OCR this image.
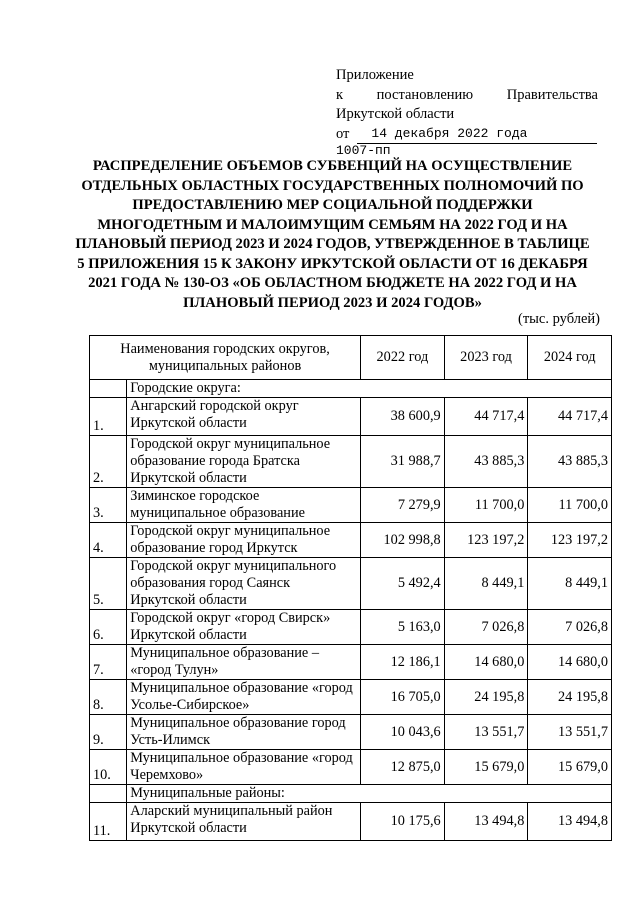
Приложение
к постановлению Правительства
Иркутской области
от	14 декабря 2022 года
1007-пп
РАСПРЕДЕЛЕНИЕ ОБЪЕМОВ СУБВЕНЦИЙ НА ОСУЩЕСТВЛЕНИЕ ОТДЕЛЬНЫХ ОБЛАСТНЫХ ГОСУДАРСТВЕННЫХ ПОЛНОМОЧИЙ ПО ПРЕДОСТАВЛЕНИЮ МЕР СОЦИАЛЬНОЙ ПОДДЕРЖКИ МНОГОДЕТНЫМ И МАЛОИМУЩИМ СЕМЬЯМ НА 2022 ГОД И НА ПЛАНОВЫЙ ПЕРИОД 2023 И 2024 ГОДОВ, УТВЕРЖДЕННОЕ В ТАБЛИЦЕ 5 ПРИЛОЖЕНИЯ 15 К ЗАКОНУ ИРКУТСКОЙ ОБЛАСТИ ОТ 16 ДЕКАБРЯ 2021 ГОДА № 130-ОЗ «ОБ ОБЛАСТНОМ БЮДЖЕТЕ НА 2022 ГОД И НА ПЛАНОВЫЙ ПЕРИОД 2023 И 2024 ГОДОВ»
(тыс. рублей)
Наименования городских округов, муниципальных районов		2022 год	2023 год	2024 год
	Городские округа:			
1.	Ангарский городской округ Иркутской области	38 600,9	44 717,4	44 717,4
2.	Городской округ муниципальное образование города Братска Иркутской области	31 988,7	43 885,3	43 885,3
3.	Зиминское городское муниципальное образование	7 279,9	11 700,0	11 700,0
4.	Городской округ муниципальное образование город Иркутск	102 998,8	123 197,2	123 197,2
5.	Городской округ муниципального образования город Саянск Иркутской области	5 492,4	8 449,1	8 449,1
6.	Городской округ «город Свирск» Иркутской области	5 163,0	7 026,8	7 026,8
7.	Муниципальное образование – «город Тулун»	12 186,1	14 680,0	14 680,0
8.	Муниципальное образование «город Усолье-Сибирское»	16 705,0	24 195,8	24 195,8
9.	Муниципальное образование город Усть-Илимск	10 043,6	13 551,7	13 551,7
10.	Муниципальное образование «город Черемхово»	12 875,0	15 679,0	15 679,0
	Муниципальные районы:			
11.	Аларский муниципальный район Иркутской области	10 175,6	13 494,8	13 494,8
